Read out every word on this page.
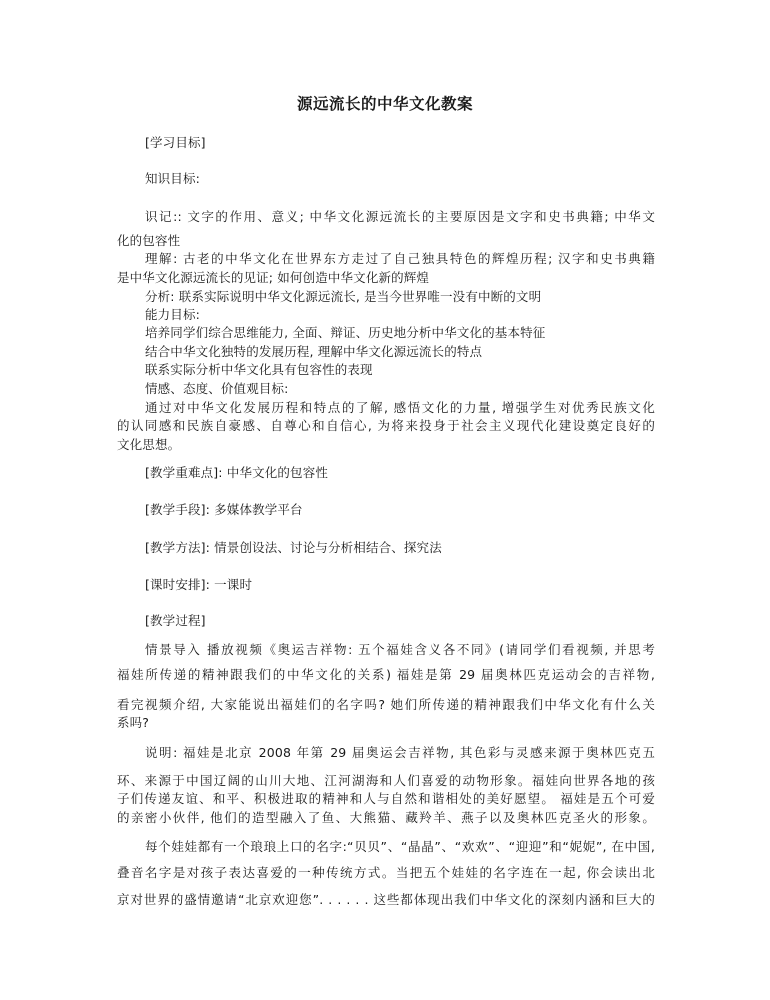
源远流长的中华文化教案
[学习目标]
知识目标:
识记:: 文字的作用、意义; 中华文化源远流长的主要原因是文字和史书典籍; 中华文
化的包容性
理解: 古老的中华文化在世界东方走过了自己独具特色的辉煌历程; 汉字和史书典籍
是中华文化源远流长的见证; 如何创造中华文化新的辉煌
分析: 联系实际说明中华文化源远流长, 是当今世界唯一没有中断的文明
能力目标:
培养同学们综合思维能力, 全面、辩证、历史地分析中华文化的基本特征
结合中华文化独特的发展历程, 理解中华文化源远流长的特点
联系实际分析中华文化具有包容性的表现
情感、态度、价值观目标:
通过对中华文化发展历程和特点的了解, 感悟文化的力量, 增强学生对优秀民族文化
的认同感和民族自豪感、自尊心和自信心, 为将来投身于社会主义现代化建设奠定良好的
文化思想。
[教学重难点]: 中华文化的包容性
[教学手段]: 多媒体教学平台
[教学方法]: 情景创设法、讨论与分析相结合、探究法
[课时安排]: 一课时
[教学过程]
情景导入 播放视频《奥运吉祥物: 五个福娃含义各不同》(请同学们看视频, 并思考
福娃所传递的精神跟我们的中华文化的关系) 福娃是第 29 届奥林匹克运动会的吉祥物,
看完视频介绍, 大家能说出福娃们的名字吗? 她们所传递的精神跟我们中华文化有什么关
系吗?
说明: 福娃是北京 2008 年第 29 届奥运会吉祥物, 其色彩与灵感来源于奥林匹克五
环、来源于中国辽阔的山川大地、江河湖海和人们喜爱的动物形象。福娃向世界各地的孩
子们传递友谊、和平、积极进取的精神和人与自然和谐相处的美好愿望。 福娃是五个可爱
的亲密小伙伴, 他们的造型融入了鱼、大熊猫、藏羚羊、燕子以及奥林匹克圣火的形象。
每个娃娃都有一个琅琅上口的名字:“贝贝”、“晶晶”、“欢欢”、“迎迎”和“妮妮”, 在中国,
叠音名字是对孩子表达喜爱的一种传统方式。当把五个娃娃的名字连在一起, 你会读出北
京对世界的盛情邀请“北京欢迎您”. . . . . . 这些都体现出我们中华文化的深刻内涵和巨大的
